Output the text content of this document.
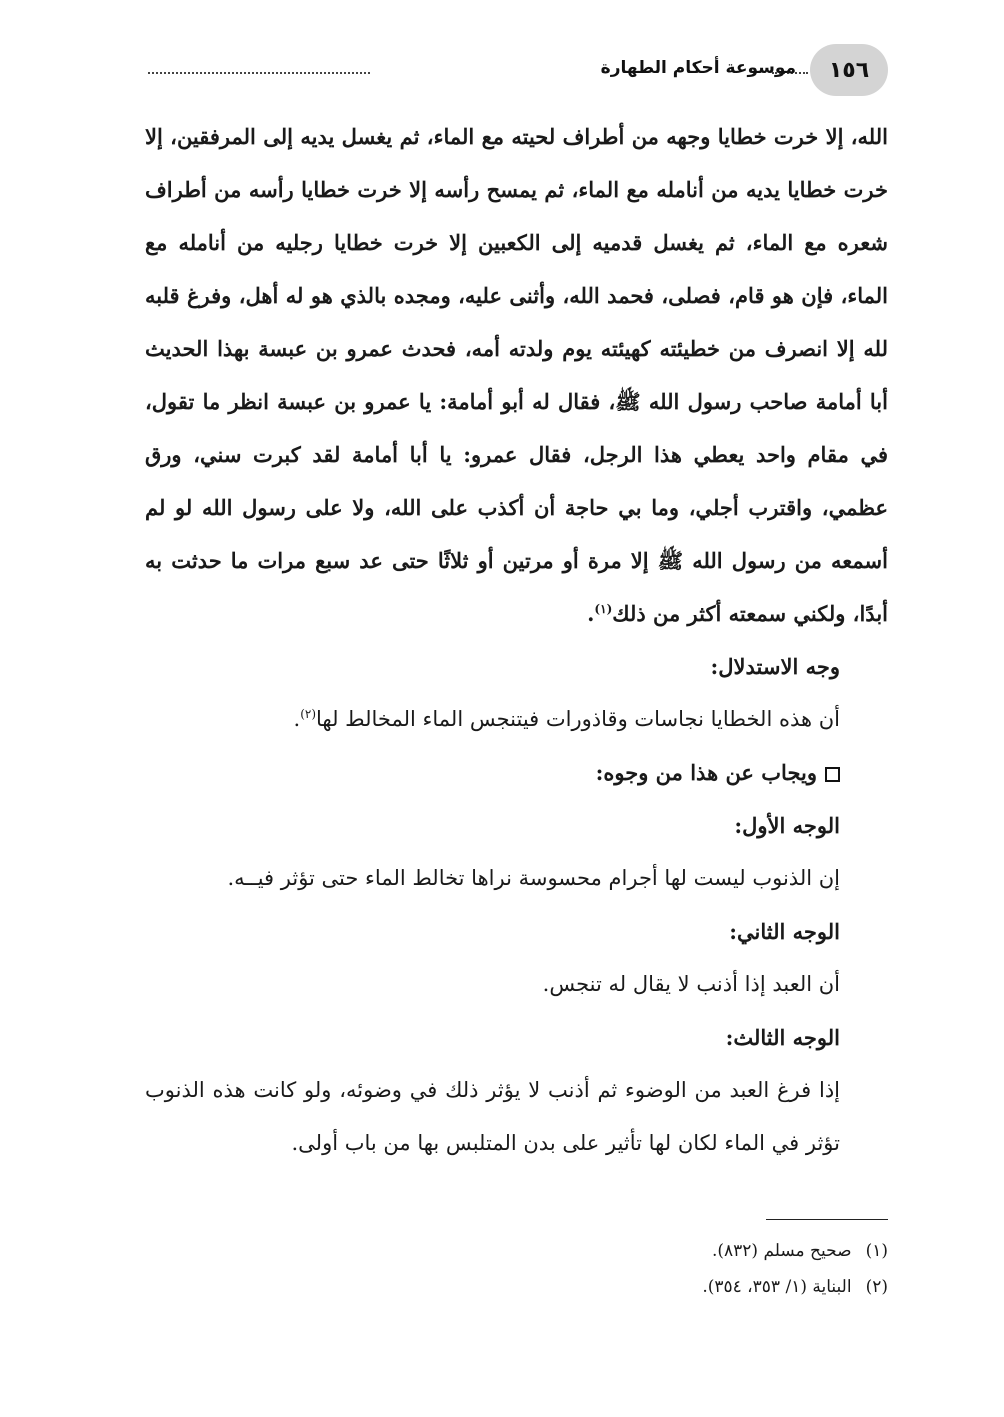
١٥٦
موسوعة أحكام الطهارة

الله، إلا خرت خطايا وجهه من أطراف لحيته مع الماء، ثم يغسل يديه إلى المرفقين، إلا خرت خطايا يديه من أنامله مع الماء، ثم يمسح رأسه إلا خرت خطايا رأسه من أطراف شعره مع الماء، ثم يغسل قدميه إلى الكعبين إلا خرت خطايا رجليه من أنامله مع الماء، فإن هو قام، فصلى، فحمد الله، وأثنى عليه، ومجده بالذي هو له أهل، وفرغ قلبه لله إلا انصرف من خطيئته كهيئته يوم ولدته أمه، فحدث عمرو بن عبسة بهذا الحديث أبا أمامة صاحب رسول الله ﷺ، فقال له أبو أمامة: يا عمرو بن عبسة انظر ما تقول، في مقام واحد يعطي هذا الرجل، فقال عمرو: يا أبا أمامة لقد كبرت سني، ورق عظمي، واقترب أجلي، وما بي حاجة أن أكذب على الله، ولا على رسول الله لو لم أسمعه من رسول الله ﷺ إلا مرة أو مرتين أو ثلاثًا حتى عد سبع مرات ما حدثت به أبدًا، ولكني سمعته أكثر من ذلك$^{(١)}$.

وجه الاستدلال:

أن هذه الخطايا نجاسات وقاذورات فيتنجس الماء المخالط لها$^{(٢)}$.

ويجاب عن هذا من وجوه:

الوجه الأول:

إن الذنوب ليست لها أجرام محسوسة نراها تخالط الماء حتى تؤثر فيــه.

الوجه الثاني:

أن العبد إذا أذنب لا يقال له تنجس.

الوجه الثالث:

إذا فرغ العبد من الوضوء ثم أذنب لا يؤثر ذلك في وضوئه، ولو كانت هذه الذنوب تؤثر في الماء لكان لها تأثير على بدن المتلبس بها من باب أولى.

(١)
صحيح مسلم (٨٣٢).
(٢)
البناية (١/ ٣٥٣، ٣٥٤).
